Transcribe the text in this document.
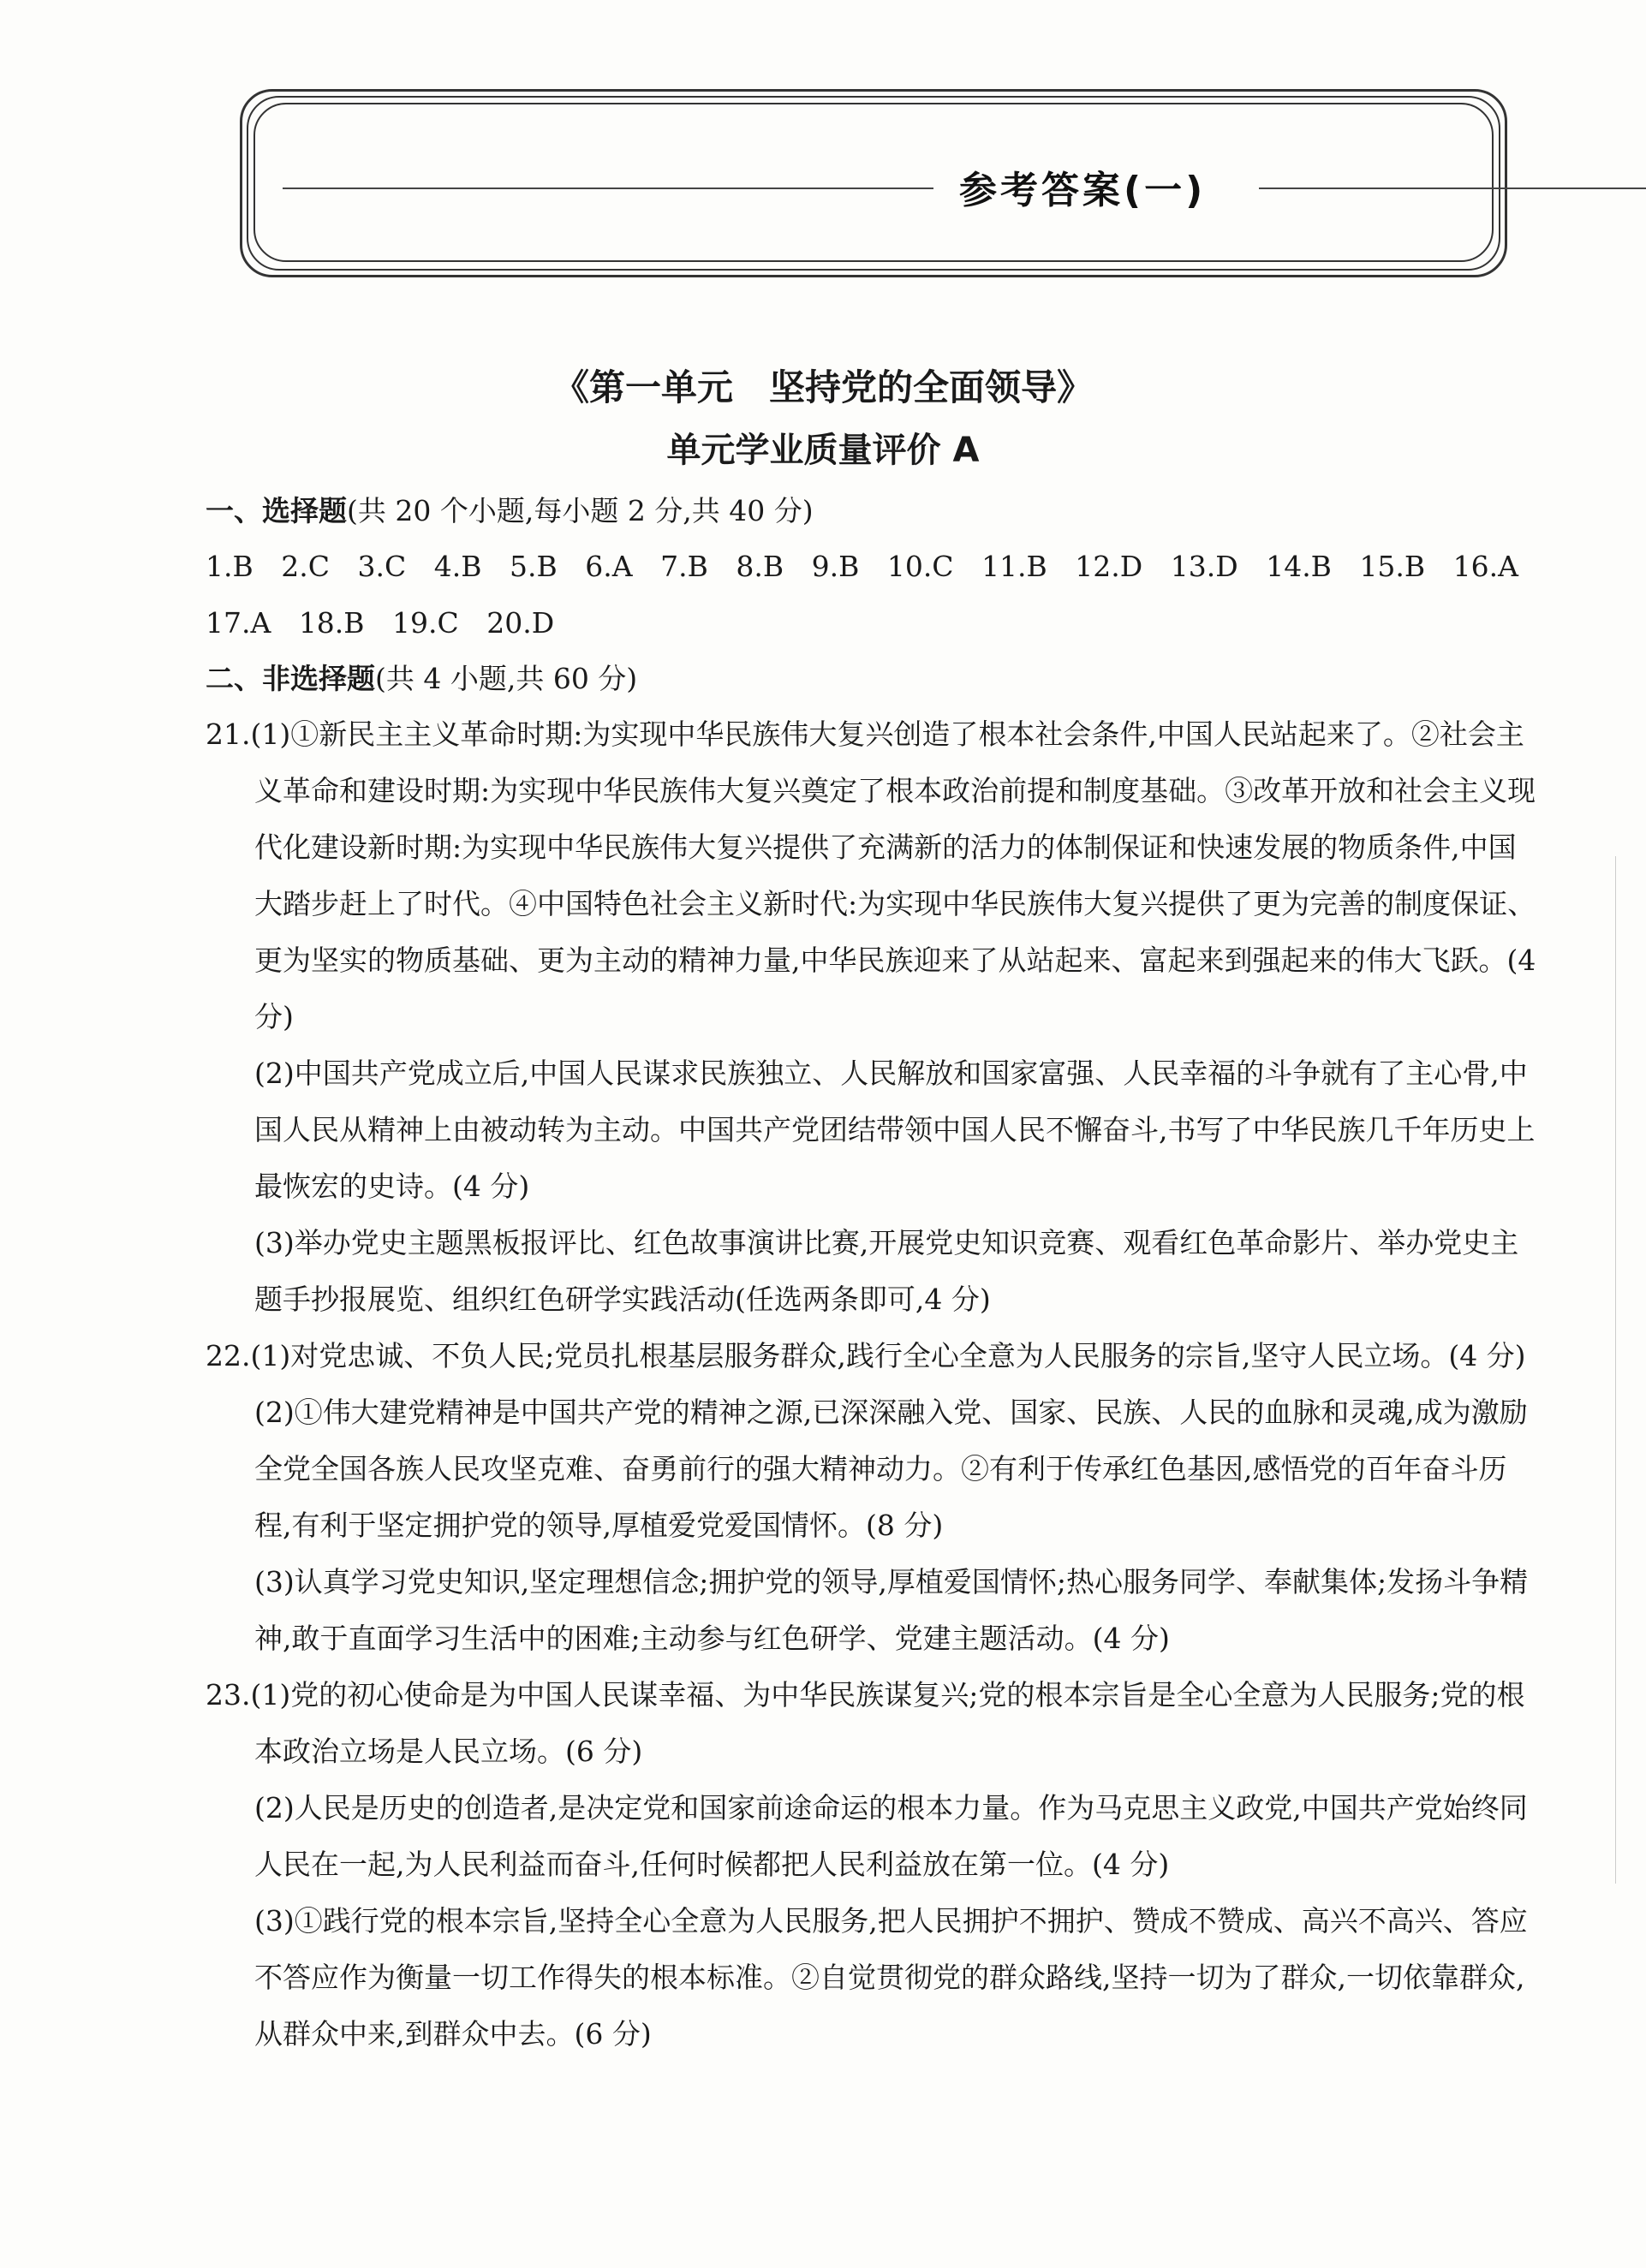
参考答案(一)
《第一单元　坚持党的全面领导》
单元学业质量评价 A
一、选择题(共 20 个小题,每小题 2 分,共 40 分)
1.B 2.C 3.C 4.B 5.B 6.A 7.B 8.B 9.B 10.C 11.B 12.D 13.D 14.B 15.B 16.A 17.A 18.B 19.C 20.D
二、非选择题(共 4 小题,共 60 分)

21.(1)①新民主主义革命时期:为实现中华民族伟大复兴创造了根本社会条件,中国人民站起来了。②社会主义革命和建设时期:为实现中华民族伟大复兴奠定了根本政治前提和制度基础。③改革开放和社会主义现代化建设新时期:为实现中华民族伟大复兴提供了充满新的活力的体制保证和快速发展的物质条件,中国大踏步赶上了时代。④中国特色社会主义新时代:为实现中华民族伟大复兴提供了更为完善的制度保证、更为坚实的物质基础、更为主动的精神力量,中华民族迎来了从站起来、富起来到强起来的伟大飞跃。(4 分)

(2)中国共产党成立后,中国人民谋求民族独立、人民解放和国家富强、人民幸福的斗争就有了主心骨,中国人民从精神上由被动转为主动。中国共产党团结带领中国人民不懈奋斗,书写了中华民族几千年历史上最恢宏的史诗。(4 分)

(3)举办党史主题黑板报评比、红色故事演讲比赛,开展党史知识竞赛、观看红色革命影片、举办党史主题手抄报展览、组织红色研学实践活动(任选两条即可,4 分)

22.(1)对党忠诚、不负人民;党员扎根基层服务群众,践行全心全意为人民服务的宗旨,坚守人民立场。(4 分)

(2)①伟大建党精神是中国共产党的精神之源,已深深融入党、国家、民族、人民的血脉和灵魂,成为激励全党全国各族人民攻坚克难、奋勇前行的强大精神动力。②有利于传承红色基因,感悟党的百年奋斗历程,有利于坚定拥护党的领导,厚植爱党爱国情怀。(8 分)

(3)认真学习党史知识,坚定理想信念;拥护党的领导,厚植爱国情怀;热心服务同学、奉献集体;发扬斗争精神,敢于直面学习生活中的困难;主动参与红色研学、党建主题活动。(4 分)

23.(1)党的初心使命是为中国人民谋幸福、为中华民族谋复兴;党的根本宗旨是全心全意为人民服务;党的根本政治立场是人民立场。(6 分)

(2)人民是历史的创造者,是决定党和国家前途命运的根本力量。作为马克思主义政党,中国共产党始终同人民在一起,为人民利益而奋斗,任何时候都把人民利益放在第一位。(4 分)

(3)①践行党的根本宗旨,坚持全心全意为人民服务,把人民拥护不拥护、赞成不赞成、高兴不高兴、答应不答应作为衡量一切工作得失的根本标准。②自觉贯彻党的群众路线,坚持一切为了群众,一切依靠群众,从群众中来,到群众中去。(6 分)
